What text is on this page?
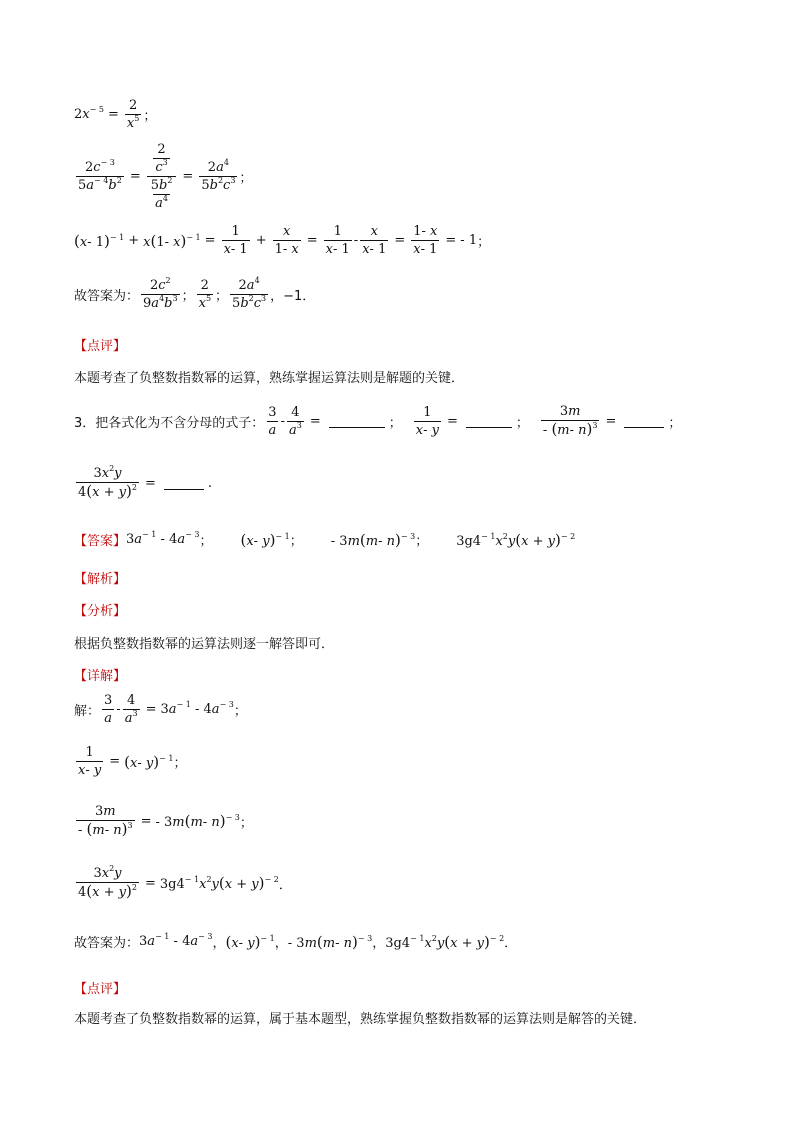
$2x^{- 5} = \frac{2}{x^5}$ ；
$\frac{2c^{- 3}}{5a^{- 4}b^2} = \frac{\frac{2}{c^3}}{\frac{5b^2}{a^4}} = \frac{2a^4}{5b^2c^3}$ ；
(x- 1)$^{- 1}$ + x(1- $x)^{- 1} = \frac{1}{x- 1} + \frac{x}{1- x} = \frac{1}{x- 1} - \frac{x}{x- 1} = \frac{1- x}{x- 1}$ = - 1 ；
故答案为： $\frac{2c^2}{9a^4b^3}$ ； $\frac{2}{x^5}$ ； $\frac{2a^4}{5b^2c^3}$ ，−1．
【点评】
本题考查了负整数指数幂的运算，熟练掌握运算法则是解题的关键．
3．把各式化为不含分母的式子： $\frac{3}{a} - \frac{4}{a^3}$ =	； $\frac{1}{x- y}$ =	； $\frac{3m}{- (m- n)^3}$ =	；
$\frac{3x^2y}{4(x + y)^2}$ =	.
【答案】 $3a^{- 1} - 4a^{- 3}$ ； (x- y)$^{- 1}$ ； - 3m(m- n)$^{- 3}$ ； $3g4^{- 1}x^2y(x + y)^{- 2}$
【解析】
【分析】
根据负整数指数幂的运算法则逐一解答即可．
【详解】
解： $\frac{3}{a} - \frac{4}{a^3} = 3a^{- 1} - 4a^{- 3}$ ；
$\frac{1}{x- y} = (x-$ y)$^{- 1}$ ；
$\frac{3m}{- (m- n)^3}$ = - 3m(m- n)$^{- 3}$ ；
$\frac{3x^2y}{4(x + y)^2} = 3g4^{- 1}x^2y(x + y)^{- 2}$ ．
故答案为： $3a^{- 1} - 4a^{- 3}$ ， (x- y)$^{- 1}$ ， - 3m(m- n)$^{- 3}$ ， $3g4^{- 1}x^2y(x + y)^{- 2}$ ．
【点评】
本题考查了负整数指数幂的运算，属于基本题型，熟练掌握负整数指数幂的运算法则是解答的关键．
